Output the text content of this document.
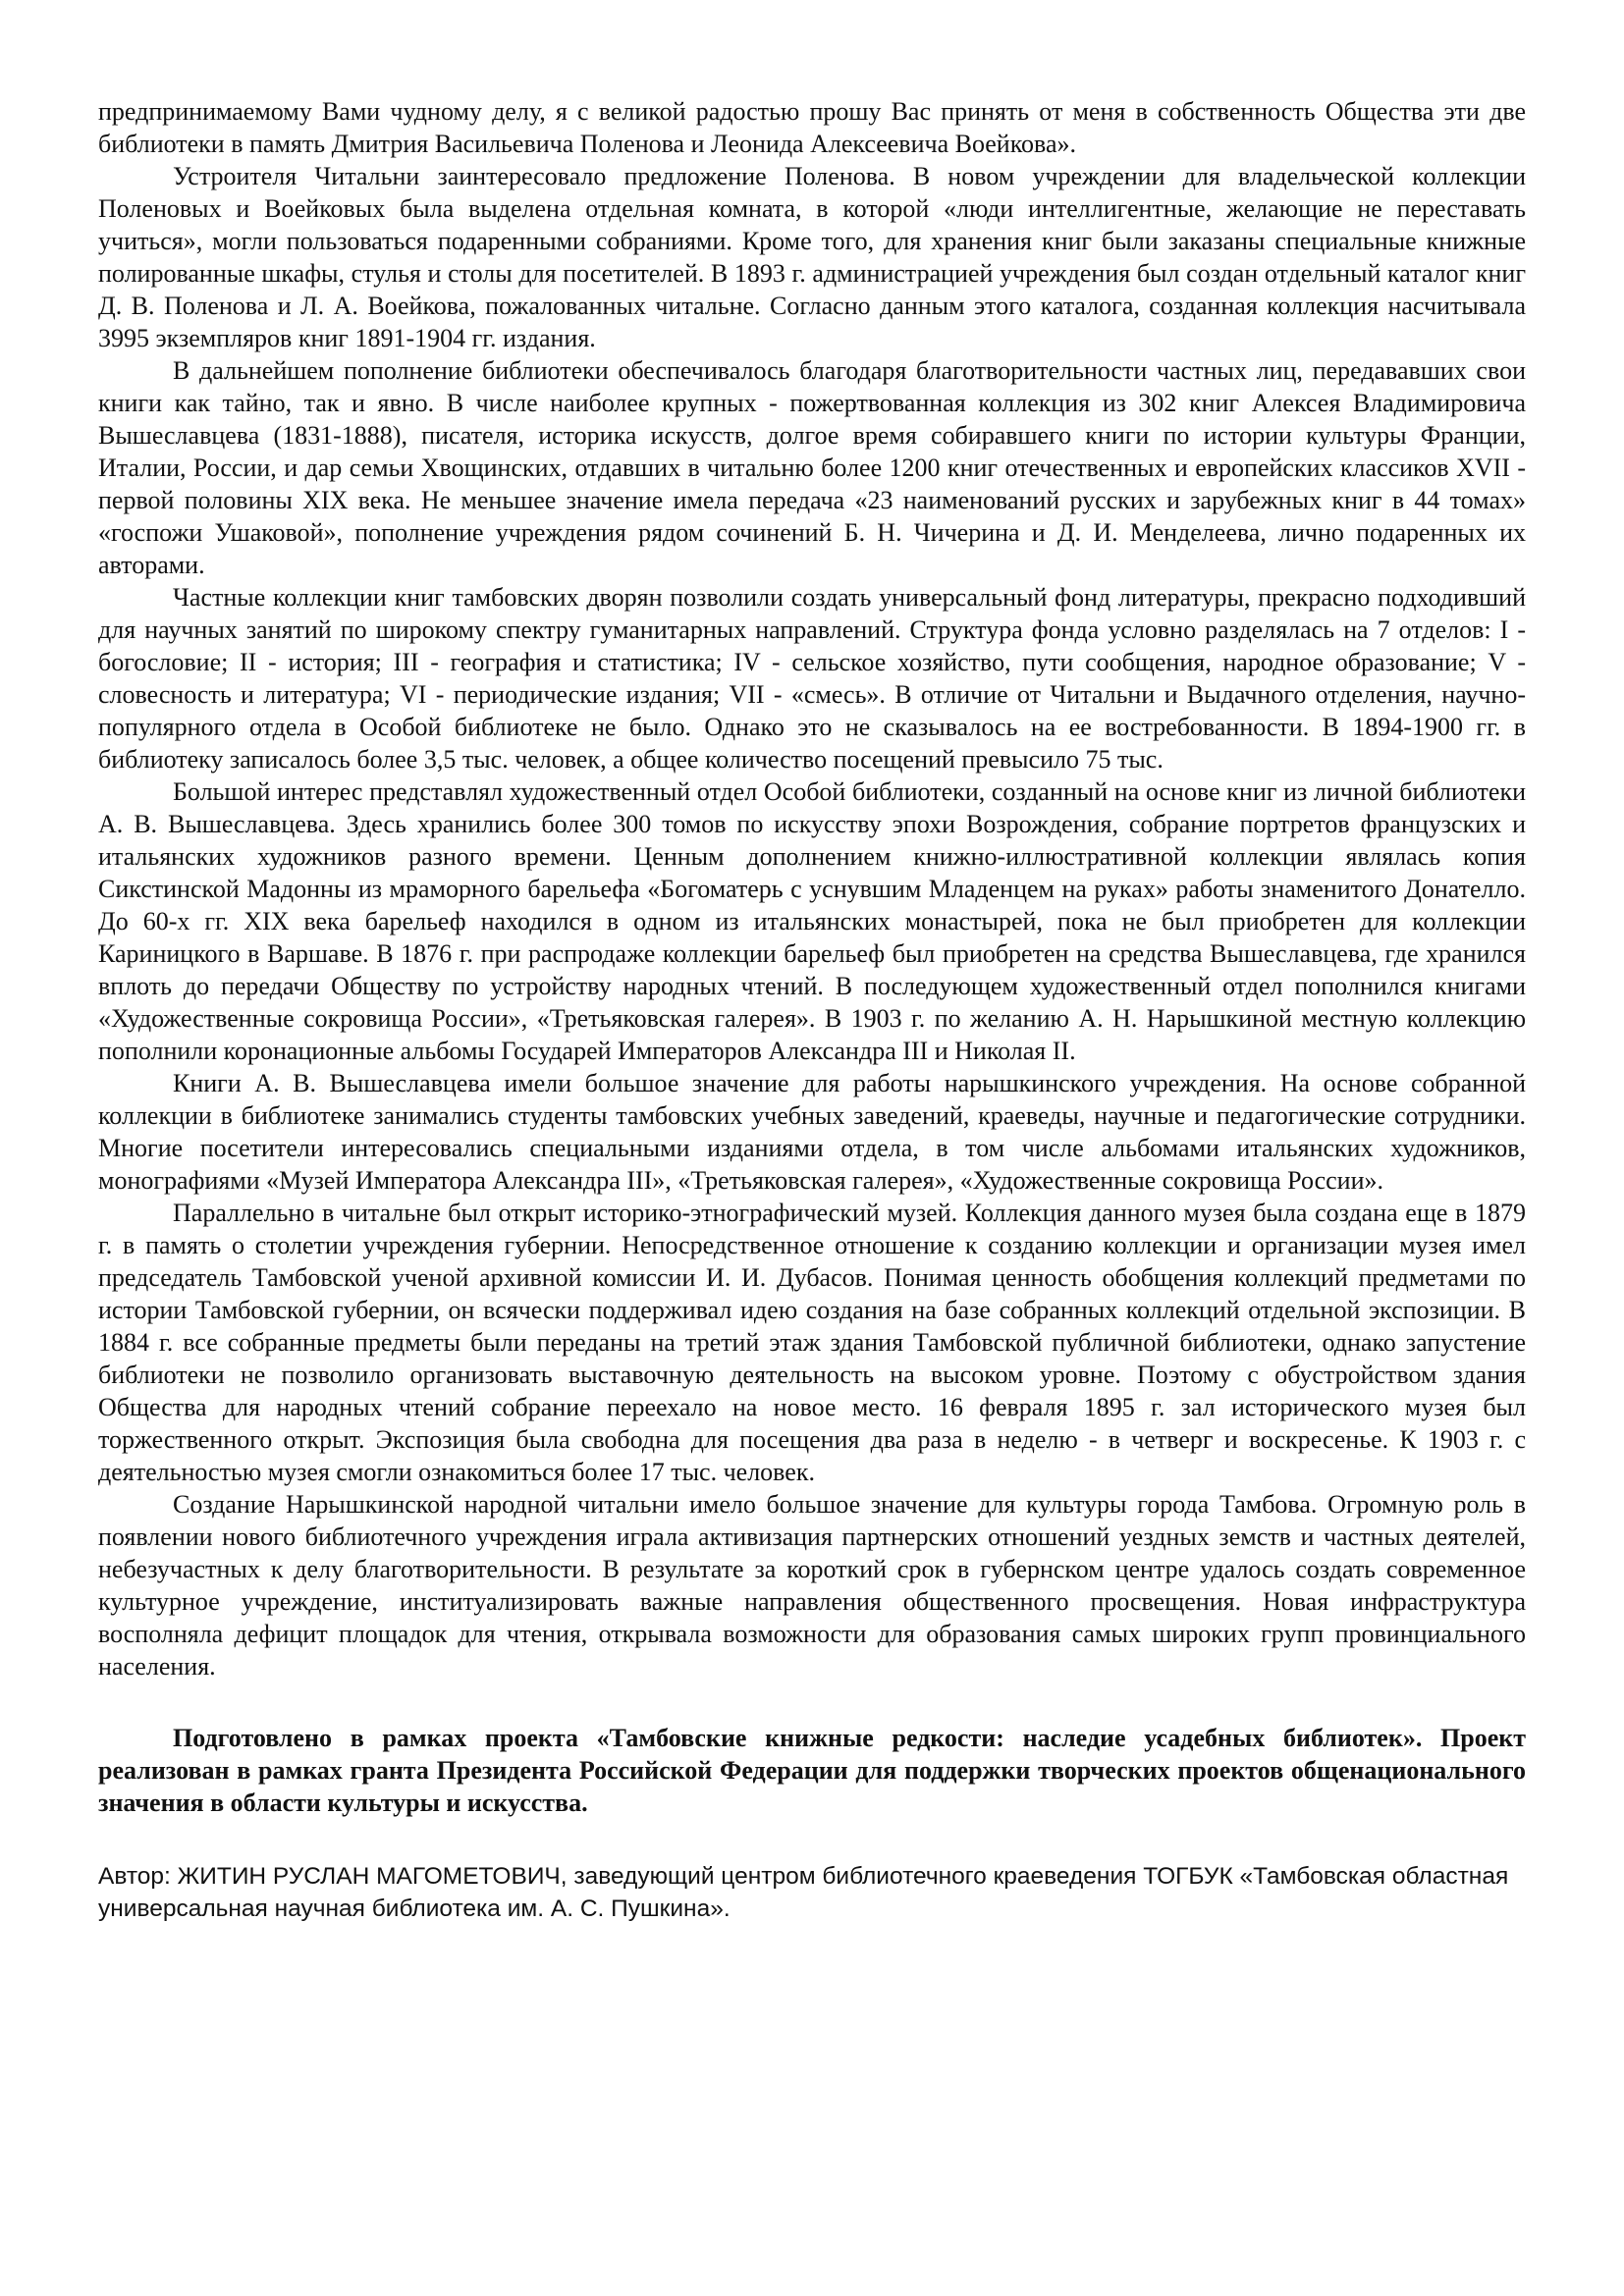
предпринимаемому Вами чудному делу, я с великой радостью прошу Вас принять от меня в собственность Общества эти две библиотеки в память Дмитрия Васильевича Поленова и Леонида Алексеевича Воейкова».

Устроителя Читальни заинтересовало предложение Поленова. В новом учреждении для владельческой коллекции Поленовых и Воейковых была выделена отдельная комната, в которой «люди интеллигентные, желающие не переставать учиться», могли пользоваться подаренными собраниями. Кроме того, для хранения книг были заказаны специальные книжные полированные шкафы, стулья и столы для посетителей. В 1893 г. администрацией учреждения был создан отдельный каталог книг Д. В. Поленова и Л. А. Воейкова, пожалованных читальне. Согласно данным этого каталога, созданная коллекция насчитывала 3995 экземпляров книг 1891-1904 гг. издания.

В дальнейшем пополнение библиотеки обеспечивалось благодаря благотворительности частных лиц, передававших свои книги как тайно, так и явно. В числе наиболее крупных - пожертвованная коллекция из 302 книг Алексея Владимировича Вышеславцева (1831-1888), писателя, историка искусств, долгое время собиравшего книги по истории культуры Франции, Италии, России, и дар семьи Хвощинских, отдавших в читальню более 1200 книг отечественных и европейских классиков XVII - первой половины XIX века. Не меньшее значение имела передача «23 наименований русских и зарубежных книг в 44 томах» «госпожи Ушаковой», пополнение учреждения рядом сочинений Б. Н. Чичерина и Д. И. Менделеева, лично подаренных их авторами.

Частные коллекции книг тамбовских дворян позволили создать универсальный фонд литературы, прекрасно подходивший для научных занятий по широкому спектру гуманитарных направлений. Структура фонда условно разделялась на 7 отделов: I - богословие; II - история; III - география и статистика; IV - сельское хозяйство, пути сообщения, народное образование; V - словесность и литература; VI - периодические издания; VII - «смесь». В отличие от Читальни и Выдачного отделения, научно-популярного отдела в Особой библиотеке не было. Однако это не сказывалось на ее востребованности. В 1894-1900 гг. в библиотеку записалось более 3,5 тыс. человек, а общее количество посещений превысило 75 тыс.

Большой интерес представлял художественный отдел Особой библиотеки, созданный на основе книг из личной библиотеки А. В. Вышеславцева. Здесь хранились более 300 томов по искусству эпохи Возрождения, собрание портретов французских и итальянских художников разного времени. Ценным дополнением книжно-иллюстративной коллекции являлась копия Сикстинской Мадонны из мраморного барельефа «Богоматерь с уснувшим Младенцем на руках» работы знаменитого Донателло. До 60-х гг. XIX века барельеф находился в одном из итальянских монастырей, пока не был приобретен для коллекции Кариницкого в Варшаве. В 1876 г. при распродаже коллекции барельеф был приобретен на средства Вышеславцева, где хранился вплоть до передачи Обществу по устройству народных чтений. В последующем художественный отдел пополнился книгами «Художественные сокровища России», «Третьяковская галерея». В 1903 г. по желанию А. Н. Нарышкиной местную коллекцию пополнили коронационные альбомы Государей Императоров Александра III и Николая II.

Книги А. В. Вышеславцева имели большое значение для работы нарышкинского учреждения. На основе собранной коллекции в библиотеке занимались студенты тамбовских учебных заведений, краеведы, научные и педагогические сотрудники. Многие посетители интересовались специальными изданиями отдела, в том числе альбомами итальянских художников, монографиями «Музей Императора Александра III», «Третьяковская галерея», «Художественные сокровища России».

Параллельно в читальне был открыт историко-этнографический музей. Коллекция данного музея была создана еще в 1879 г. в память о столетии учреждения губернии. Непосредственное отношение к созданию коллекции и организации музея имел председатель Тамбовской ученой архивной комиссии И. И. Дубасов. Понимая ценность обобщения коллекций предметами по истории Тамбовской губернии, он всячески поддерживал идею создания на базе собранных коллекций отдельной экспозиции. В 1884 г. все собранные предметы были переданы на третий этаж здания Тамбовской публичной библиотеки, однако запустение библиотеки не позволило организовать выставочную деятельность на высоком уровне. Поэтому с обустройством здания Общества для народных чтений собрание переехало на новое место. 16 февраля 1895 г. зал исторического музея был торжественного открыт. Экспозиция была свободна для посещения два раза в неделю - в четверг и воскресенье. К 1903 г. с деятельностью музея смогли ознакомиться более 17 тыс. человек.

Создание Нарышкинской народной читальни имело большое значение для культуры города Тамбова. Огромную роль в появлении нового библиотечного учреждения играла активизация партнерских отношений уездных земств и частных деятелей, небезучастных к делу благотворительности. В результате за короткий срок в губернском центре удалось создать современное культурное учреждение, институализировать важные направления общественного просвещения. Новая инфраструктура восполняла дефицит площадок для чтения, открывала возможности для образования самых широких групп провинциального населения.

Подготовлено в рамках проекта «Тамбовские книжные редкости: наследие усадебных библиотек». Проект реализован в рамках гранта Президента Российской Федерации для поддержки творческих проектов общенационального значения в области культуры и искусства.

Автор: ЖИТИН РУСЛАН МАГОМЕТОВИЧ, заведующий центром библиотечного краеведения ТОГБУК «Тамбовская областная универсальная научная библиотека им. А. С. Пушкина».
